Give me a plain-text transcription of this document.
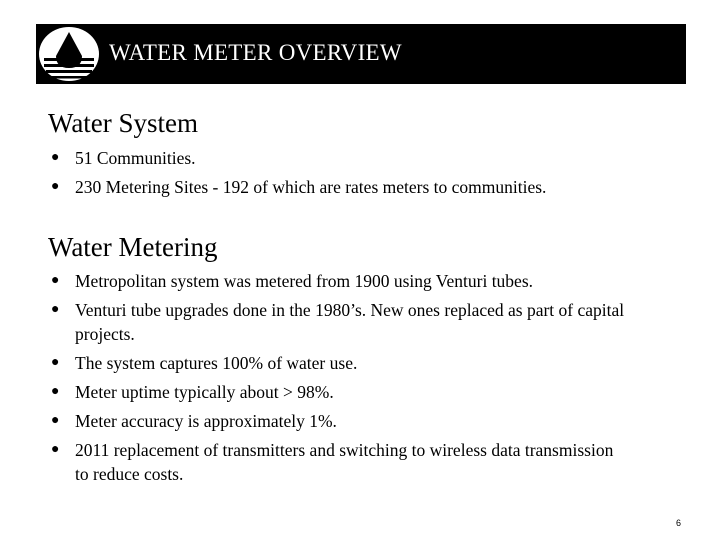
WATER METER OVERVIEW
Water System
● 51 Communities.
● 230 Metering Sites - 192 of which are rates meters to communities.
Water Metering
● Metropolitan system was metered from 1900 using Venturi tubes.
● Venturi tube upgrades done in the 1980’s. New ones replaced as part of capital projects.
● The system captures 100% of water use.
● Meter uptime typically about > 98%.
● Meter accuracy is approximately 1%.
● 2011 replacement of transmitters and switching to wireless data transmission to reduce costs.
6
